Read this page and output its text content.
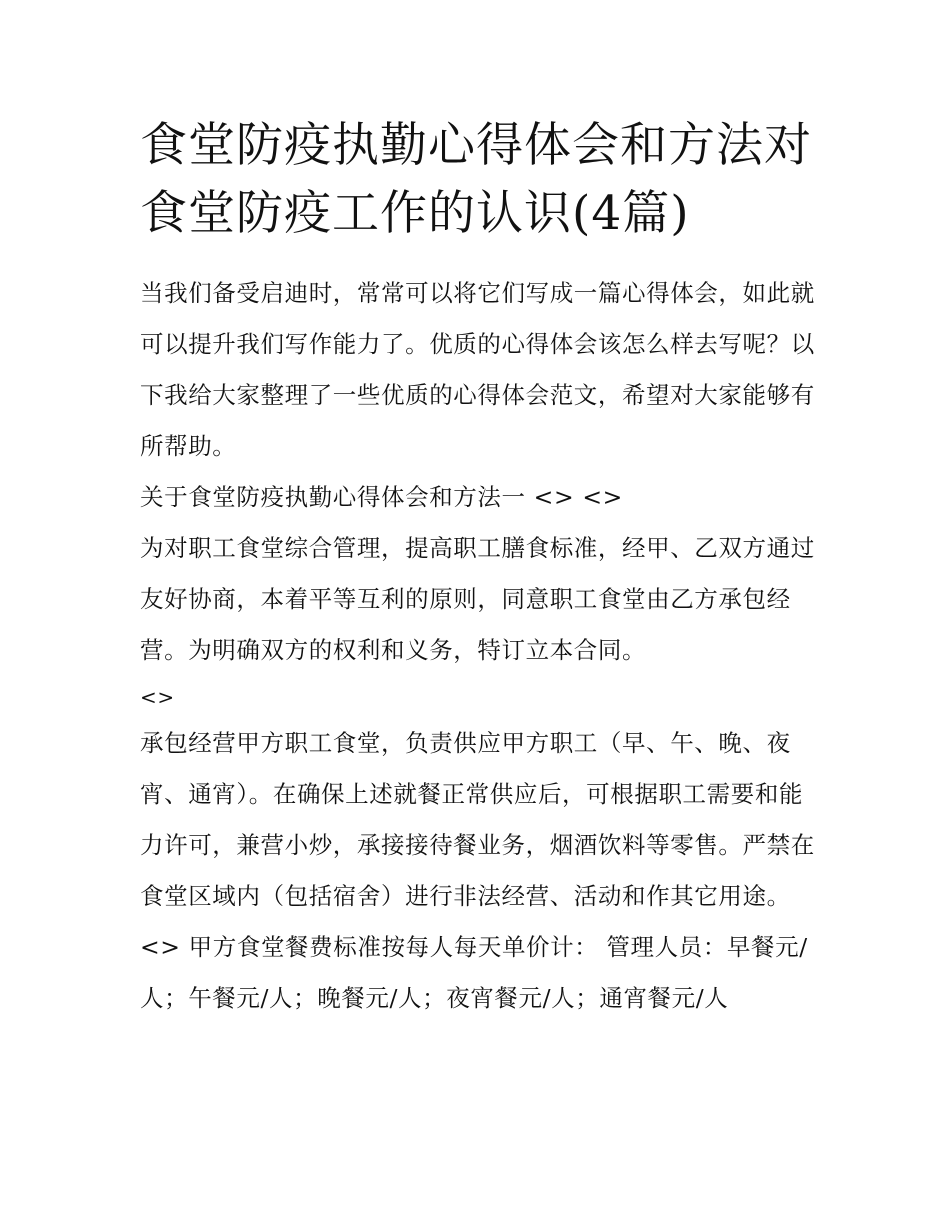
食堂防疫执勤心得体会和方法对食堂防疫工作的认识(4篇)

当我们备受启迪时，常常可以将它们写成一篇心得体会，如此就可以提升我们写作能力了。优质的心得体会该怎么样去写呢？以下我给大家整理了一些优质的心得体会范文，希望对大家能够有所帮助。

关于食堂防疫执勤心得体会和方法一 <> <>

为对职工食堂综合管理，提高职工膳食标准，经甲、乙双方通过友好协商，本着平等互利的原则，同意职工食堂由乙方承包经营。为明确双方的权利和义务，特订立本合同。

<>

承包经营甲方职工食堂，负责供应甲方职工（早、午、晚、夜宵、通宵）。在确保上述就餐正常供应后，可根据职工需要和能力许可，兼营小炒，承接接待餐业务，烟酒饮料等零售。严禁在食堂区域内（包括宿舍）进行非法经营、活动和作其它用途。

<> 甲方食堂餐费标准按每人每天单价计： 管理人员：早餐元/人；午餐元/人；晚餐元/人；夜宵餐元/人；通宵餐元/人
